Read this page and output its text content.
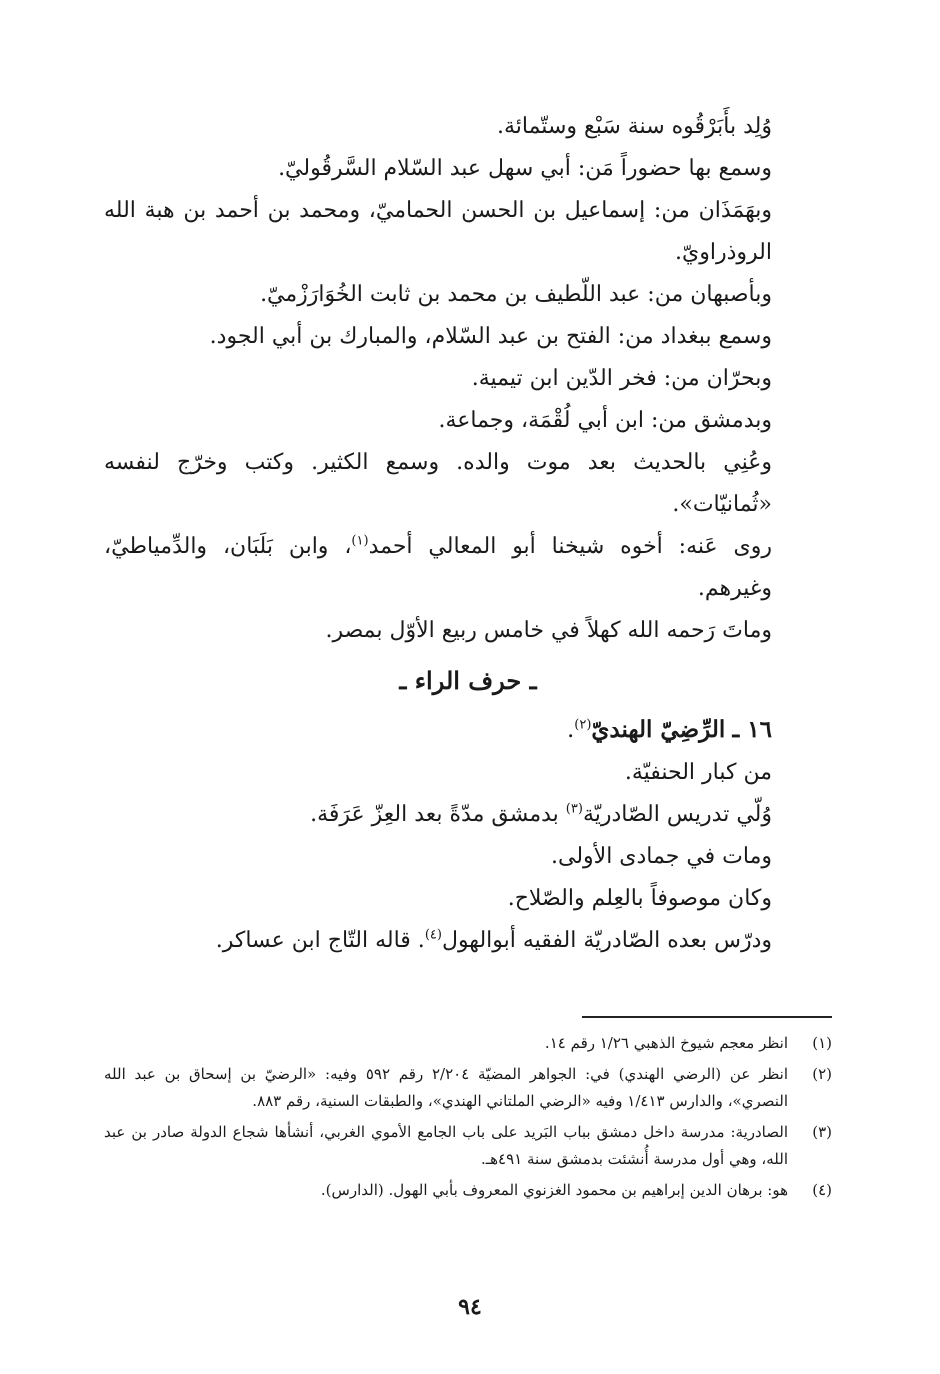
وُلِد بأَبَرْقُوه سنة سَبْع وستّمائة.

وسمع بها حضوراً مَن: أبي سهل عبد السّلام السَّرقُوليّ.

وبهَمَذَان من: إسماعيل بن الحسن الحماميّ، ومحمد بن أحمد بن هبة الله الروذراويّ.

وبأصبهان من: عبد اللّطيف بن محمد بن ثابت الخُوَارَزْميّ.

وسمع ببغداد من: الفتح بن عبد السّلام، والمبارك بن أبي الجود.

وبحرّان من: فخر الدّين ابن تيمية.

وبدمشق من: ابن أبي لُقْمَة، وجماعة.

وعُنِي بالحديث بعد موت والده. وسمع الكثير. وكتب وخرّج لنفسه «ثُمانيّات».

روى عَنه: أخوه شيخنا أبو المعالي أحمد$^{(١)}$، وابن بَلَبَان، والدِّمياطيّ، وغيرهم.

وماتَ رَحمه الله كهلاً في خامس ربيع الأوّل بمصر.

ـ حرف الراء ـ

١٦ ـ الرِّضِيّ الهنديّ$^{(٢)}$.

من كبار الحنفيّة.

وُلّي تدريس الصّادريّة$^{(٣)}$ بدمشق مدّةً بعد العِزّ عَرَفَة.

ومات في جمادى الأولى.

وكان موصوفاً بالعِلم والصّلاح.

ودرّس بعده الصّادريّة الفقيه أبوالهول$^{(٤)}$. قاله التّاج ابن عساكر.

(١)
انظر معجم شيوخ الذهبي ١/٢٦ رقم ١٤.
(٢)
انظر عن (الرضي الهندي) في: الجواهر المضيّة ٢/٢٠٤ رقم ٥٩٢ وفيه: «الرضيّ بن إسحاق بن عبد الله النصري»، والدارس ١/٤١٣ وفيه «الرضي الملتاني الهندي»، والطبقات السنية، رقم ٨٨٣.
(٣)
الصادرية: مدرسة داخل دمشق بباب البَريد على باب الجامع الأموي الغربي، أنشأها شجاع الدولة صادر بن عبد الله، وهي أول مدرسة أُنشئت بدمشق سنة ٤٩١هـ.
(٤)
هو: برهان الدين إبراهيم بن محمود الغزنوي المعروف بأبي الهول. (الدارس).
٩٤
